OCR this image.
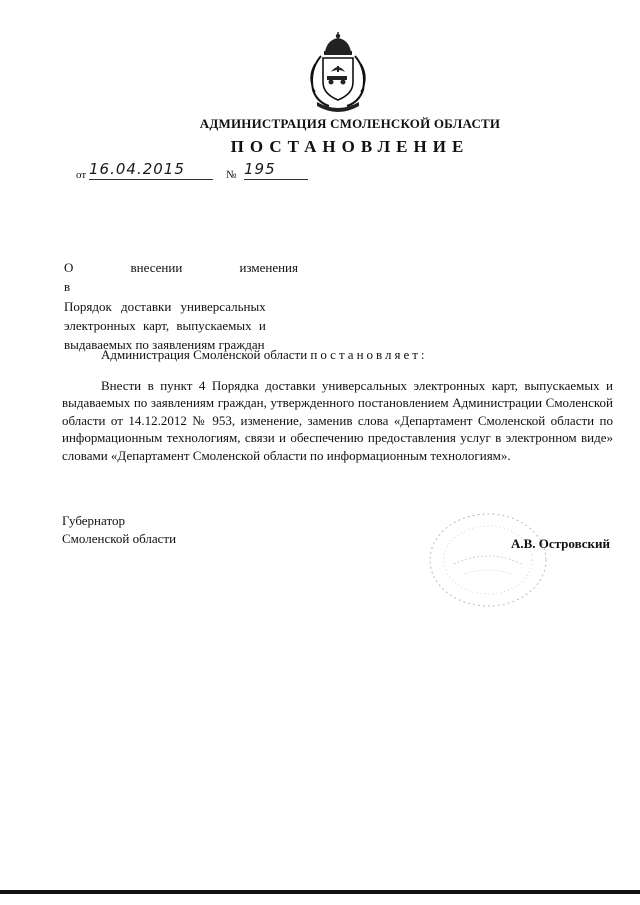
АДМИНИСТРАЦИЯ СМОЛЕНСКОЙ ОБЛАСТИ
ПОСТАНОВЛЕНИЕ
от 16.04.2015	№ 195
О внесении изменения в
Порядок доставки универсальных
электронных карт, выпускаемых и
выдаваемых по заявлениям граждан
Администрация Смоленской области постановляет:
Внести в пункт 4 Порядка доставки универсальных электронных карт, выпускаемых и выдаваемых по заявлениям граждан, утвержденного постановлением Администрации Смоленской области от 14.12.2012 № 953, изменение, заменив слова «Департамент Смоленской области по информационным технологиям, связи и обеспечению предоставления услуг в электронном виде» словами «Департамент Смоленской области по информационным технологиям».
Губернатор
Смоленской области	А.В. Островский
